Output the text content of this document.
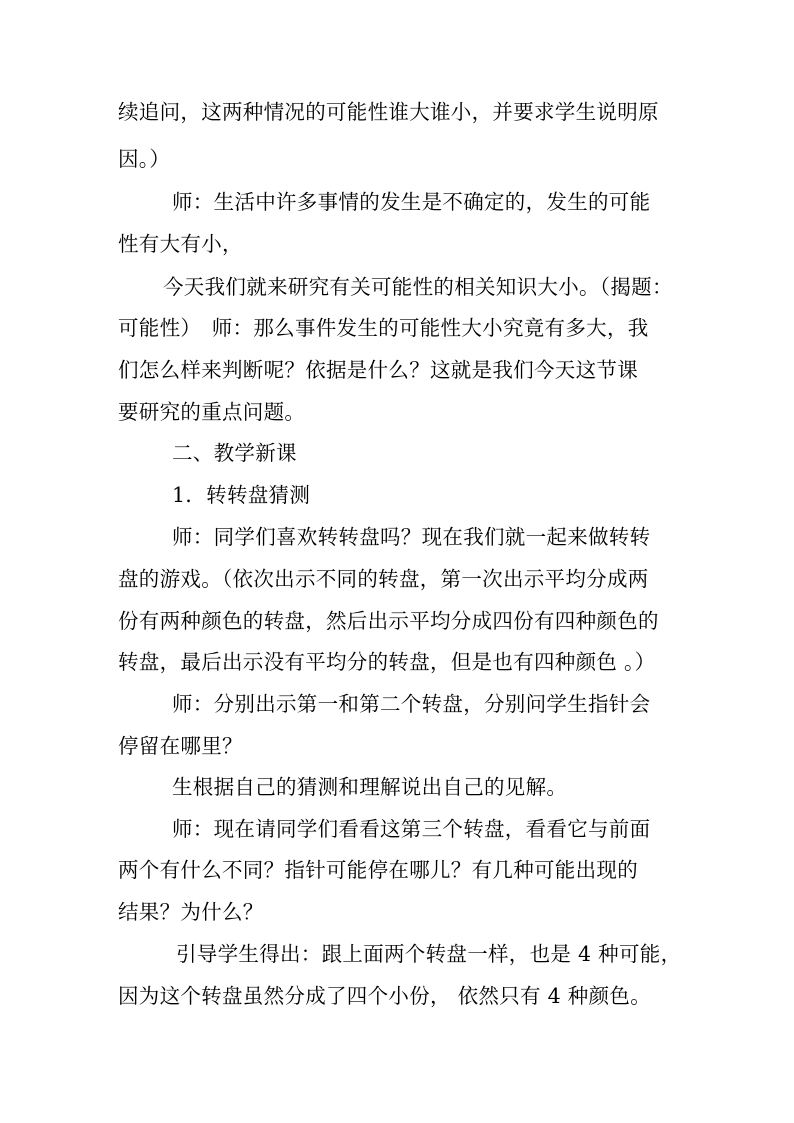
续追问，这两种情况的可能性谁大谁小，并要求学生说明原
因。）
师：生活中许多事情的发生是不确定的，发生的可能
性有大有小，
今天我们就来研究有关可能性的相关知识大小。（揭题：
可能性）　师：那么事件发生的可能性大小究竟有多大，我
们怎么样来判断呢？依据是什么？这就是我们今天这节课
要研究的重点问题。
二、教学新课
1．转转盘猜测
师：同学们喜欢转转盘吗？现在我们就一起来做转转
盘的游戏。（依次出示不同的转盘，第一次出示平均分成两
份有两种颜色的转盘，然后出示平均分成四份有四种颜色的
转盘，最后出示没有平均分的转盘，但是也有四种颜色 。）
师：分别出示第一和第二个转盘，分别问学生指针会
停留在哪里？
生根据自己的猜测和理解说出自己的见解。
师：现在请同学们看看这第三个转盘，看看它与前面
两个有什么不同？指针可能停在哪儿？有几种可能出现的
结果？为什么？
引导学生得出：跟上面两个转盘一样，也是 4 种可能，
因为这个转盘虽然分成了四个小份， 依然只有 4 种颜色。
